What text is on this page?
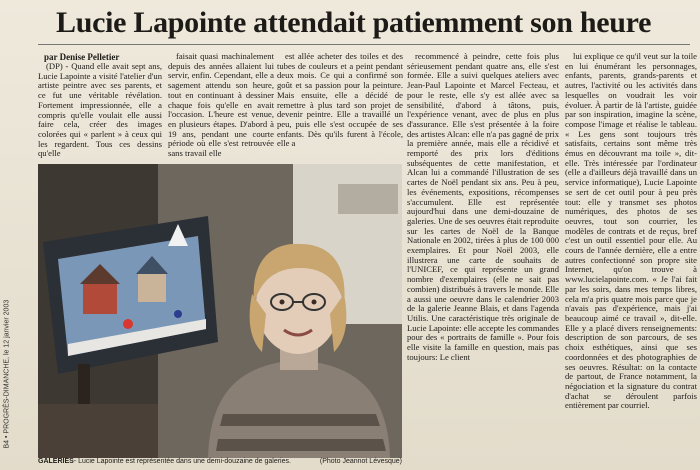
Lucie Lapointe attendait patiemment son heure
par Denise Pelletier
B4 • PROGRÈS-DIMANCHE, le 12 janvier 2003

(DP) - Quand elle avait sept ans, Lucie Lapointe a visité l'atelier d'un artiste peintre avec ses parents, et ce fut une véritable révélation. Fortement impressionnée, elle a compris qu'elle voulait elle aussi faire cela, créer des images colorées qui « parlent » à ceux qui les regardent. Tous ces dessins qu'elle

faisait quasi machinalement depuis des années allaient lui servir, enfin. Cependant, elle a sagement attendu son heure, tout en continuant à dessiner chaque fois qu'elle en avait l'occasion. L'heure est venue, en plusieurs étapes. D'abord à 19 ans, pendant une courte période où elle s'est retrouvée sans travail elle

est allée acheter des toiles et des tubes de couleurs et a peint pendant deux mois. Ce qui a confirmé son goût et sa passion pour la peinture. Mais ensuite, elle a décidé de remettre à plus tard son projet de devenir peintre. Elle a travaillé un peu, puis elle s'est occupée de ses enfants. Dès qu'ils furent à l'école, elle a

recommencé à peindre, cette fois plus sérieusement pendant quatre ans, elle s'est formée. Elle a suivi quelques ateliers avec Jean-Paul Lapointe et Marcel Fecteau, et pour le reste, elle s'y est allée avec sa sensibilité, d'abord à tâtons, puis, l'expérience venant, avec de plus en plus d'assurance. Elle s'est présentée à la foire des artistes Alcan: elle n'a pas gagné de prix la première année, mais elle a récidivé et remporté des prix lors d'éditions subséquentes de cette manifestation, et Alcan lui a commandé l'illustration de ses cartes de Noël pendant six ans. Peu à peu, les événements, expositions, récompenses s'accumulent. Elle est représentée aujourd'hui dans une demi-douzaine de galeries. Une de ses oeuvres était reproduite sur les cartes de Noël de la Banque Nationale en 2002, tirées à plus de 100 000 exemplaires. Et pour Noël 2003, elle illustrera une carte de souhaits de l'UNICEF, ce qui représente un grand nombre d'exemplaires (elle ne sait pas combien) distribués à travers le monde. Elle a aussi une oeuvre dans le calendrier 2003 de la galerie Jeanne Blais, et dans l'agenda Utilis. Une caractéristique très originale de Lucie Lapointe: elle accepte les commandes pour des « portraits de famille ». Pour fois elle visite la famille en question, mais pas toujours: Le client

lui explique ce qu'il veut sur la toile en lui énumérant les personnages, enfants, parents, grands-parents et autres, l'activité ou les activités dans lesquelles on voudrait les voir évoluer. À partir de là l'artiste, guidée par son inspiration, imagine la scène, compose l'image et réalise le tableau. « Les gens sont toujours très satisfaits, certains sont même très émus en découvrant ma toile », dit-elle. Très intéressée par l'ordinateur (elle a d'ailleurs déjà travaillé dans un service informatique), Lucie Lapointe se sert de cet outil pour à peu près tout: elle y transmet ses photos numériques, des photos de ses oeuvres, tout son courrier, les modèles de contrats et de reçus, bref c'est un outil essentiel pour elle. Au cours de l'année dernière, elle a entre autres confectionné son propre site Internet, qu'on trouve à www.lucielapointe.com. « Je l'ai fait par les soirs, dans mes temps libres, cela m'a pris quatre mois parce que je n'avais pas d'expérience, mais j'ai beaucoup aimé ce travail », dit-elle. Elle y a placé divers renseignements: description de son parcours, de ses choix esthétiques, ainsi que ses coordonnées et des photographies de ses oeuvres. Résultat: on la contacte de partout, de France notamment, la négociation et la signature du contrat d'achat se déroulent parfois entièrement par courriel.

GALERIES- Lucie Lapointe est représentée dans une demi-douzaine de galeries.	(Photo Jeannot Lévesque)
